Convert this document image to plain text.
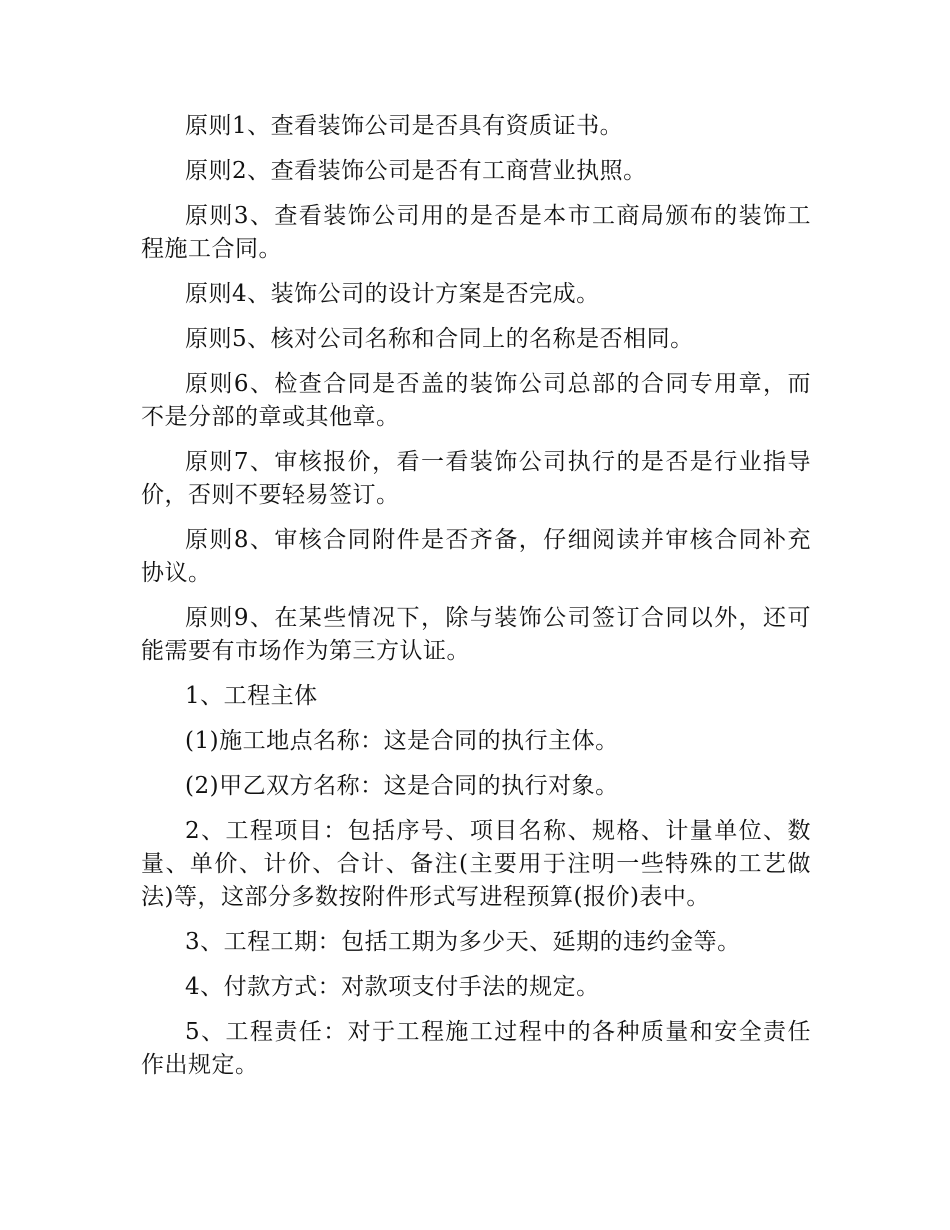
原则1、查看装饰公司是否具有资质证书。

原则2、查看装饰公司是否有工商营业执照。

原则3、查看装饰公司用的是否是本市工商局颁布的装饰工程施工合同。

原则4、装饰公司的设计方案是否完成。

原则5、核对公司名称和合同上的名称是否相同。

原则6、检查合同是否盖的装饰公司总部的合同专用章，而不是分部的章或其他章。

原则7、审核报价，看一看装饰公司执行的是否是行业指导价，否则不要轻易签订。

原则8、审核合同附件是否齐备，仔细阅读并审核合同补充协议。

原则9、在某些情况下，除与装饰公司签订合同以外，还可能需要有市场作为第三方认证。

1、工程主体

(1)施工地点名称：这是合同的执行主体。

(2)甲乙双方名称：这是合同的执行对象。

2、工程项目：包括序号、项目名称、规格、计量单位、数量、单价、计价、合计、备注(主要用于注明一些特殊的工艺做法)等，这部分多数按附件形式写进程预算(报价)表中。

3、工程工期：包括工期为多少天、延期的违约金等。

4、付款方式：对款项支付手法的规定。

5、工程责任：对于工程施工过程中的各种质量和安全责任作出规定。
